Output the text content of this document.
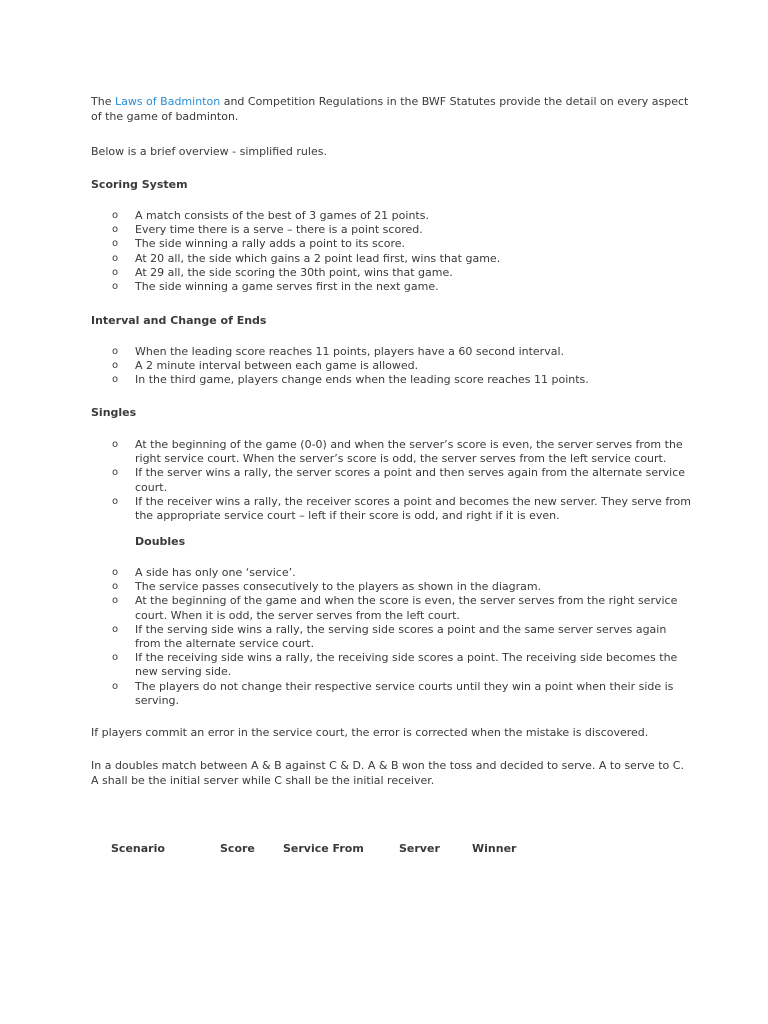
The Laws of Badminton and Competition Regulations in the BWF Statutes provide the detail on every aspect of the game of badminton.

Below is a brief overview - simplified rules.

Scoring System

o A match consists of the best of 3 games of 21 points.
o Every time there is a serve – there is a point scored.
o The side winning a rally adds a point to its score.
o At 20 all, the side which gains a 2 point lead first, wins that game.
o At 29 all, the side scoring the 30th point, wins that game.
o The side winning a game serves first in the next game.

Interval and Change of Ends

o When the leading score reaches 11 points, players have a 60 second interval.
o A 2 minute interval between each game is allowed.
o In the third game, players change ends when the leading score reaches 11 points.

Singles

o At the beginning of the game (0-0) and when the server’s score is even, the server serves from the right service court. When the server’s score is odd, the server serves from the left service court.
o If the server wins a rally, the server scores a point and then serves again from the alternate service court.
o If the receiver wins a rally, the receiver scores a point and becomes the new server. They serve from the appropriate service court – left if their score is odd, and right if it is even.

Doubles

o A side has only one ‘service’.
o The service passes consecutively to the players as shown in the diagram.
o At the beginning of the game and when the score is even, the server serves from the right service court. When it is odd, the server serves from the left court.
o If the serving side wins a rally, the serving side scores a point and the same server serves again from the alternate service court.
o If the receiving side wins a rally, the receiving side scores a point. The receiving side becomes the new serving side.
o The players do not change their respective service courts until they win a point when their side is serving.

If players commit an error in the service court, the error is corrected when the mistake is discovered.

In a doubles match between A & B against C & D. A & B won the toss and decided to serve. A to serve to C. A shall be the initial server while C shall be the initial receiver.

Scenario	Score	Service From	Server	Winner
